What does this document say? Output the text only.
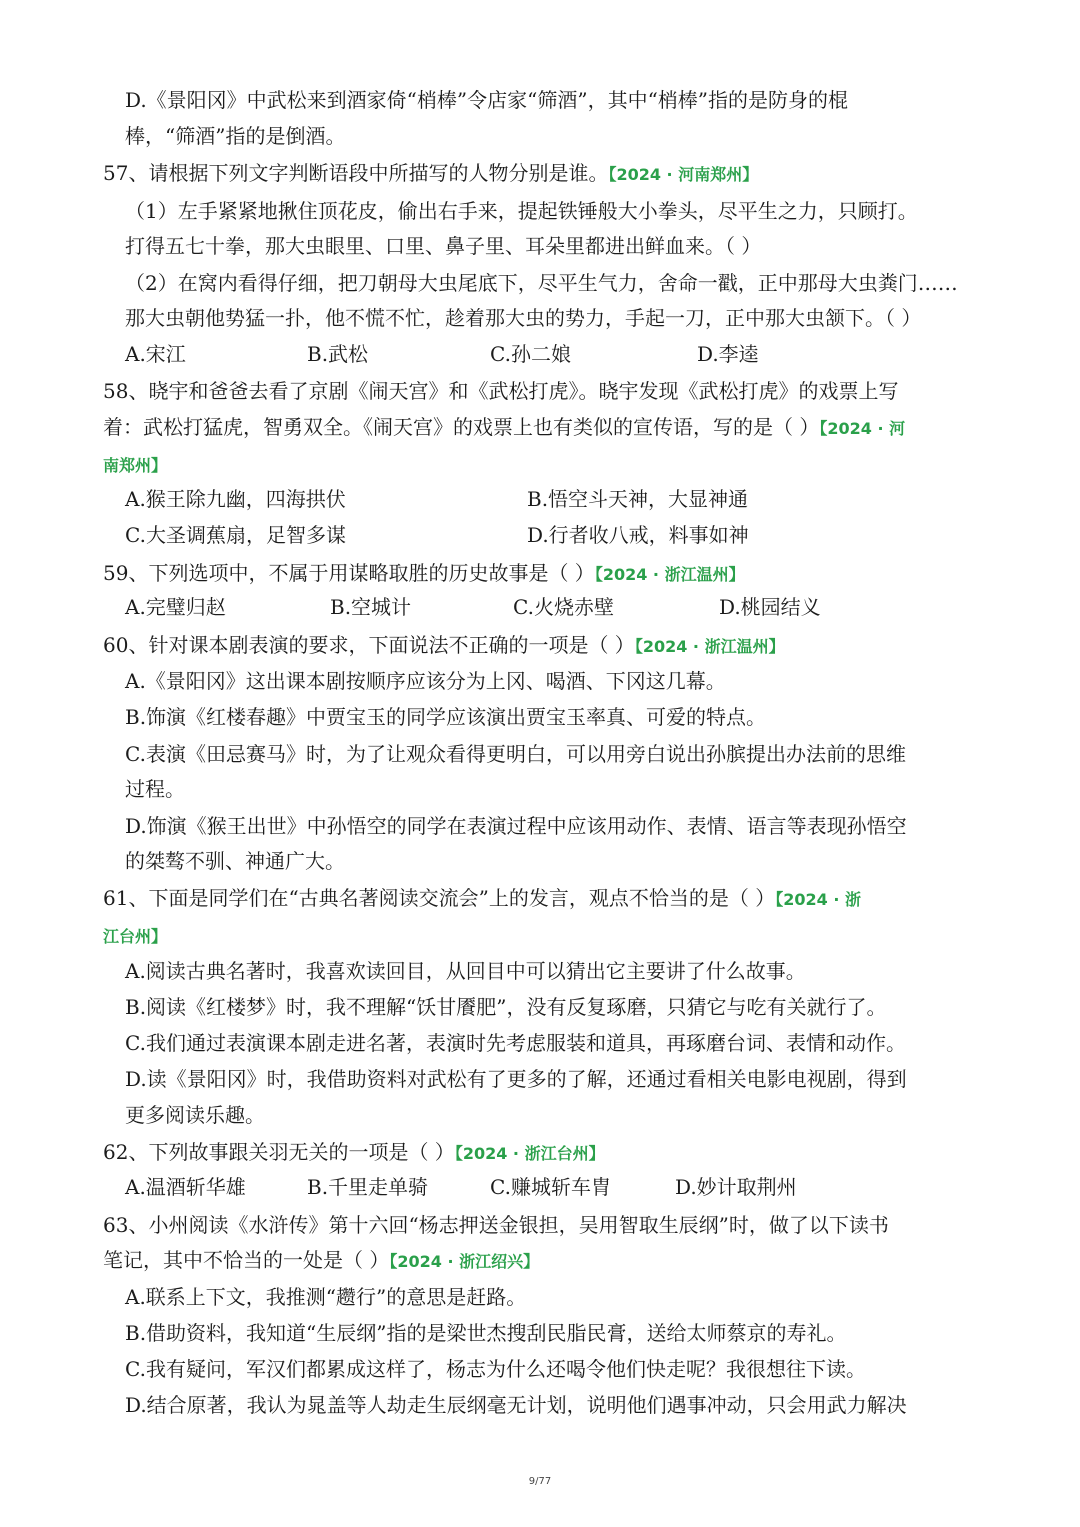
D.《景阳冈》中武松来到酒家倚“梢棒”令店家“筛酒”，其中“梢棒”指的是防身的棍
棒，“筛酒”指的是倒酒。
57、请根据下列文字判断语段中所描写的人物分别是谁。【2024 · 河南郑州】
（1）左手紧紧地揪住顶花皮，偷出右手来，提起铁锤般大小拳头，尽平生之力，只顾打。
打得五七十拳，那大虫眼里、口里、鼻子里、耳朵里都进出鲜血来。（ ）
（2）在窝内看得仔细，把刀朝母大虫尾底下，尽平生气力，舍命一戳，正中那母大虫粪门……
那大虫朝他势猛一扑，他不慌不忙，趁着那大虫的势力，手起一刀，正中那大虫颔下。（ ）
A.宋江	B.武松	C.孙二娘	D.李逵
58、晓宇和爸爸去看了京剧《闹天宫》和《武松打虎》。晓宇发现《武松打虎》的戏票上写
着：武松打猛虎，智勇双全。《闹天宫》的戏票上也有类似的宣传语，写的是（ ）【2024 · 河
南郑州】
A.猴王除九幽，四海拱伏	B.悟空斗天神，大显神通
C.大圣调蕉扇，足智多谋	D.行者收八戒，料事如神
59、下列选项中，不属于用谋略取胜的历史故事是（ ）【2024 · 浙江温州】
A.完璧归赵	B.空城计	C.火烧赤壁	D.桃园结义
60、针对课本剧表演的要求，下面说法不正确的一项是（ ）【2024 · 浙江温州】
A.《景阳冈》这出课本剧按顺序应该分为上冈、喝酒、下冈这几幕。
B.饰演《红楼春趣》中贾宝玉的同学应该演出贾宝玉率真、可爱的特点。
C.表演《田忌赛马》时，为了让观众看得更明白，可以用旁白说出孙膑提出办法前的思维
过程。
D.饰演《猴王出世》中孙悟空的同学在表演过程中应该用动作、表情、语言等表现孙悟空
的桀骜不驯、神通广大。
61、下面是同学们在“古典名著阅读交流会”上的发言，观点不恰当的是（ ）【2024 · 浙
江台州】
A.阅读古典名著时，我喜欢读回目，从回目中可以猜出它主要讲了什么故事。
B.阅读《红楼梦》时，我不理解“饫甘餍肥”，没有反复琢磨，只猜它与吃有关就行了。
C.我们通过表演课本剧走进名著，表演时先考虑服装和道具，再琢磨台词、表情和动作。
D.读《景阳冈》时，我借助资料对武松有了更多的了解，还通过看相关电影电视剧，得到
更多阅读乐趣。
62、下列故事跟关羽无关的一项是（ ）【2024 · 浙江台州】
A.温酒斩华雄	B.千里走单骑	C.赚城斩车胄	D.妙计取荆州
63、小州阅读《水浒传》第十六回“杨志押送金银担，吴用智取生辰纲”时，做了以下读书
笔记，其中不恰当的一处是（ ）【2024 · 浙江绍兴】
A.联系上下文，我推测“趱行”的意思是赶路。
B.借助资料，我知道“生辰纲”指的是梁世杰搜刮民脂民膏，送给太师蔡京的寿礼。
C.我有疑问，军汉们都累成这样了，杨志为什么还喝令他们快走呢？我很想往下读。
D.结合原著，我认为晁盖等人劫走生辰纲毫无计划，说明他们遇事冲动，只会用武力解决
9/77
